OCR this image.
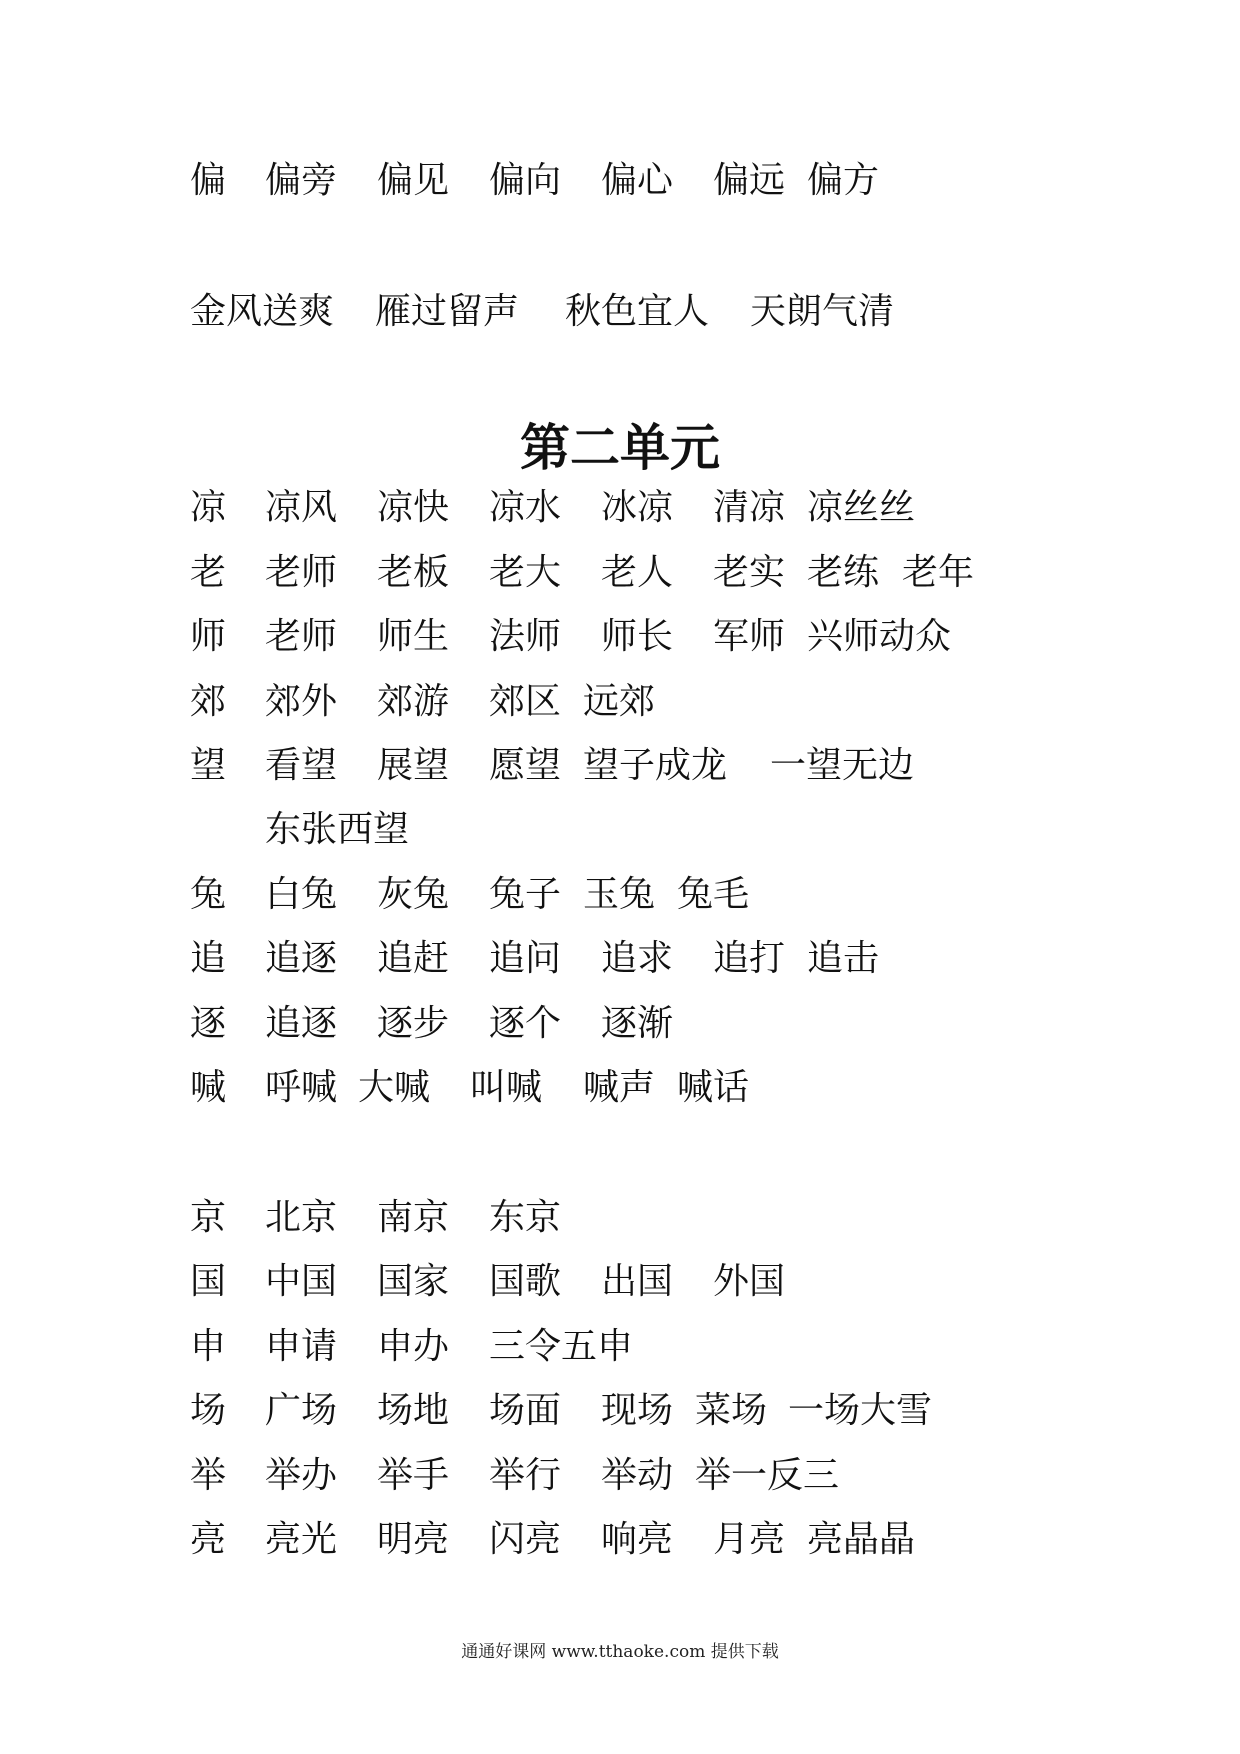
偏 偏旁 偏见 偏向 偏心 偏远 偏方
金风送爽 雁过留声 秋色宜人 天朗气清
第二单元
凉 凉风 凉快 凉水 冰凉 清凉 凉丝丝
老 老师 老板 老大 老人 老实 老练 老年
师 老师 师生 法师 师长 军师 兴师动众
郊 郊外 郊游 郊区 远郊
望 看望 展望 愿望 望子成龙 一望无边
东张西望
兔 白兔 灰兔 兔子 玉兔 兔毛
追 追逐 追赶 追问 追求 追打 追击
逐 追逐 逐步 逐个 逐渐
喊 呼喊 大喊 叫喊 喊声 喊话
京 北京 南京 东京
国 中国 国家 国歌 出国 外国
申 申请 申办 三令五申
场 广场 场地 场面 现场 菜场 一场大雪
举 举办 举手 举行 举动 举一反三
亮 亮光 明亮 闪亮 响亮 月亮 亮晶晶
通通好课网 www.tthaoke.com 提供下载
